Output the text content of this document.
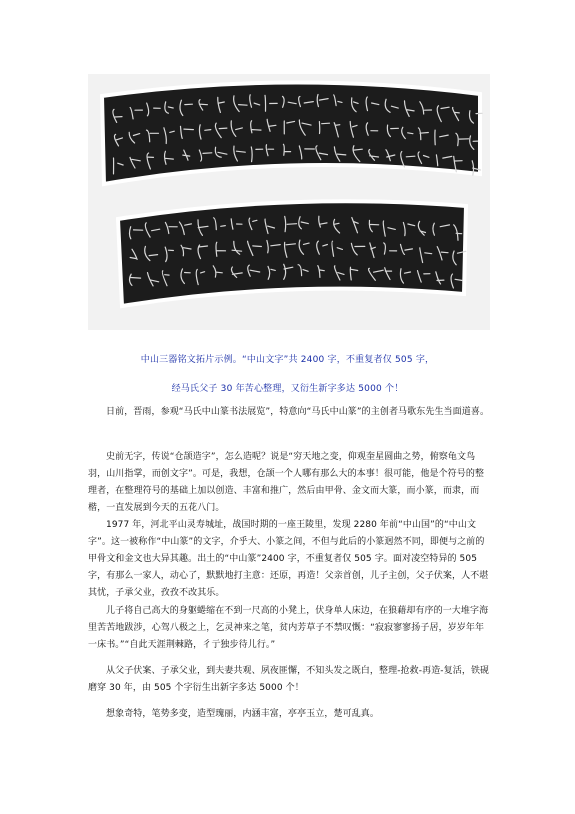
中山三器铭文拓片示例。“中山文字”共 2400 字，不重复者仅 505 字，
经马氏父子 30 年苦心整理，又衍生新字多达 5000 个！

日前，晋雨，参观“马氏中山篆书法展览”，特意向“马氏中山篆”的主创者马歌东先生当面道喜。

史前无字，传说“仓颉造字”，怎么造呢？说是“穷天地之变，仰观奎星圆曲之势，俯察龟文鸟羽，山川指掌，而创文字”。可是，我想，仓颉一个人哪有那么大的本事！很可能，他是个符号的整理者，在整理符号的基础上加以创造、丰富和推广，然后由甲骨、金文而大篆，而小篆，而隶，而楷，一直发展到今天的五花八门。

1977 年，河北平山灵寿城址，战国时期的一座王陵里，发现 2280 年前“中山国”的“中山文字”。这一被称作“中山篆”的文字，介乎大、小篆之间，不但与此后的小篆迥然不同，即便与之前的甲骨文和金文也大异其趣。出土的“中山篆”2400 字，不重复者仅 505 字。面对凌空特异的 505 字，有那么一家人，动心了，默默地打主意：还原，再造！父亲首创，儿子主创，父子伏案，人不堪其忧，子承父业，孜孜不改其乐。

儿子将自己高大的身躯蜷缩在不到一尺高的小凳上，伏身单人床边，在狼藉却有序的一大堆字海里苦苦地跋涉，心驾八极之上，乞灵神来之笔，贫内芳草子不禁叹慨：“寂寂寥寥扬子居，岁岁年年一床书。”“自此天涯荆棘路，彳亍独步待儿行。”

从父子伏案、子承父业，到夫妻共观、夙夜匪懈，不知头发之既白，整理-抢救-再造-复活，铁砚磨穿 30 年，由 505 个字衍生出新字多达 5000 个！

想象奇特，笔势多变，造型瑰丽，内涵丰富，亭亭玉立，楚可乱真。
